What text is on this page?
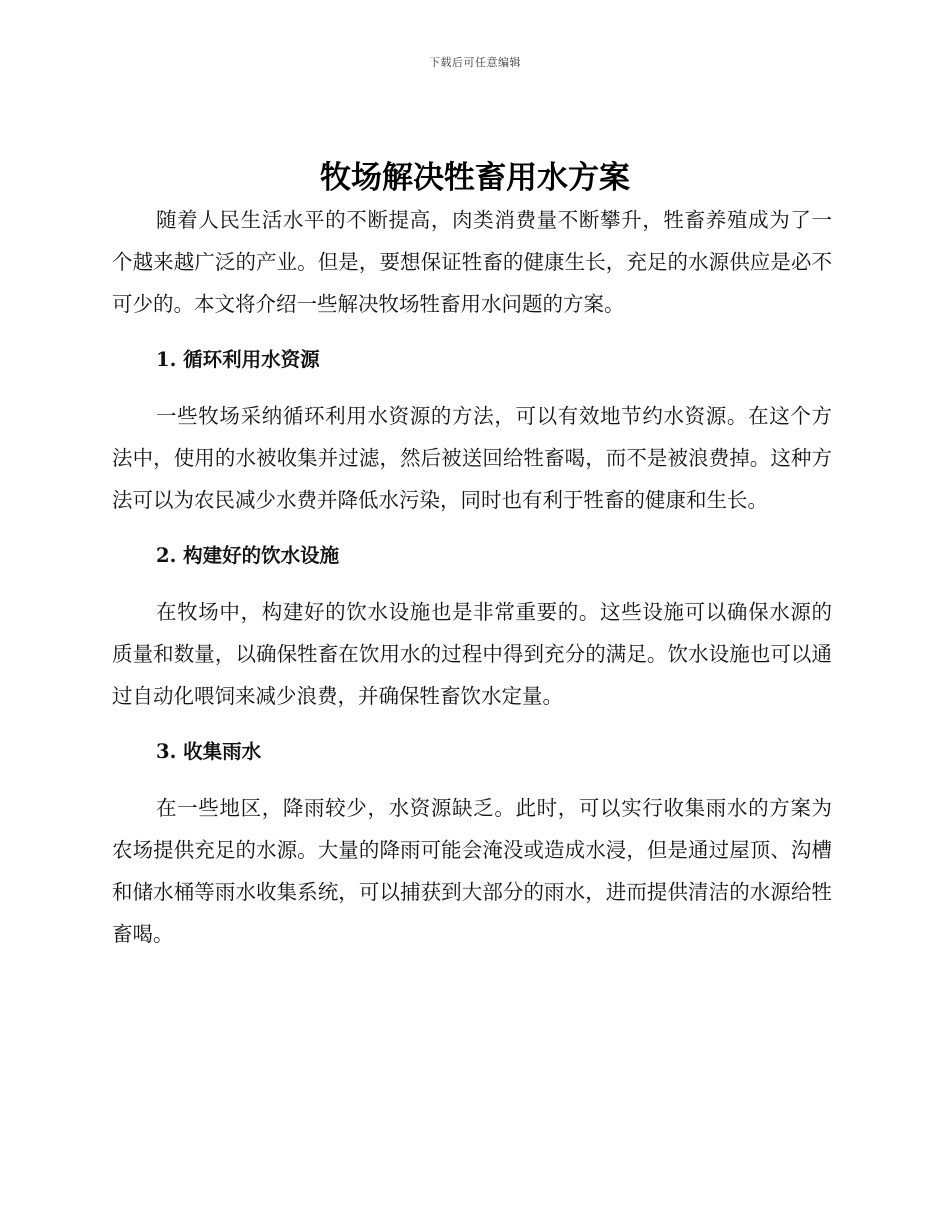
下载后可任意编辑
牧场解决牲畜用水方案

随着人民生活水平的不断提高，肉类消费量不断攀升，牲畜养殖成为了一个越来越广泛的产业。但是，要想保证牲畜的健康生长，充足的水源供应是必不可少的。本文将介绍一些解决牧场牲畜用水问题的方案。

1. 循环利用水资源

一些牧场采纳循环利用水资源的方法，可以有效地节约水资源。在这个方法中，使用的水被收集并过滤，然后被送回给牲畜喝，而不是被浪费掉。这种方法可以为农民减少水费并降低水污染，同时也有利于牲畜的健康和生长。

2. 构建好的饮水设施

在牧场中，构建好的饮水设施也是非常重要的。这些设施可以确保水源的质量和数量，以确保牲畜在饮用水的过程中得到充分的满足。饮水设施也可以通过自动化喂饲来减少浪费，并确保牲畜饮水定量。

3. 收集雨水

在一些地区，降雨较少，水资源缺乏。此时，可以实行收集雨水的方案为农场提供充足的水源。大量的降雨可能会淹没或造成水浸，但是通过屋顶、沟槽和储水桶等雨水收集系统，可以捕获到大部分的雨水，进而提供清洁的水源给牲畜喝。
